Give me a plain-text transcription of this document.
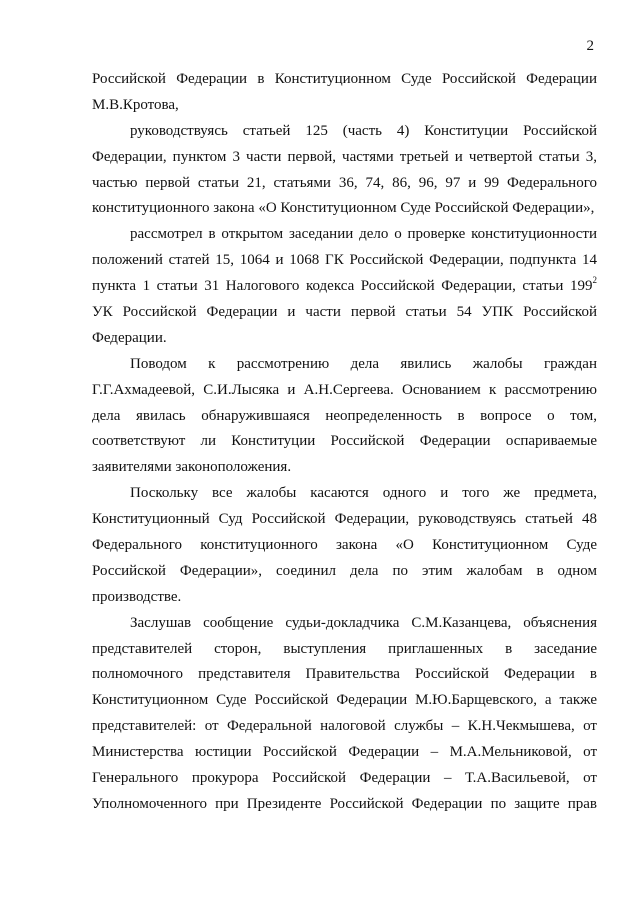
2
Российской Федерации в Конституционном Суде Российской Федерации
М.В.Кротова,
руководствуясь статьей 125 (часть 4) Конституции Российской
Федерации, пунктом 3 части первой, частями третьей и четвертой статьи 3,
частью первой статьи 21, статьями 36, 74, 86, 96, 97 и 99 Федерального
конституционного закона «О Конституционном Суде Российской Федерации»,
рассмотрел в открытом заседании дело о проверке конституционности
положений статей 15, 1064 и 1068 ГК Российской Федерации, подпункта 14
пункта 1 статьи 31 Налогового кодекса Российской Федерации, статьи $199^2$
УК Российской Федерации и части первой статьи 54 УПК Российской
Федерации.
Поводом к рассмотрению дела явились жалобы граждан
Г.Г.Ахмадеевой, С.И.Лысяка и А.Н.Сергеева. Основанием к рассмотрению
дела явилась обнаружившаяся неопределенность в вопросе о том,
соответствуют ли Конституции Российской Федерации оспариваемые
заявителями законоположения.
Поскольку все жалобы касаются одного и того же предмета,
Конституционный Суд Российской Федерации, руководствуясь статьей 48
Федерального конституционного закона «О Конституционном Суде
Российской Федерации», соединил дела по этим жалобам в одном
производстве.
Заслушав сообщение судьи-докладчика С.М.Казанцева, объяснения
представителей сторон, выступления приглашенных в заседание
полномочного представителя Правительства Российской Федерации в
Конституционном Суде Российской Федерации М.Ю.Барщевского, а также
представителей: от Федеральной налоговой службы – К.Н.Чекмышева, от
Министерства юстиции Российской Федерации – М.А.Мельниковой, от
Генерального прокурора Российской Федерации – Т.А.Васильевой, от
Уполномоченного при Президенте Российской Федерации по защите прав
